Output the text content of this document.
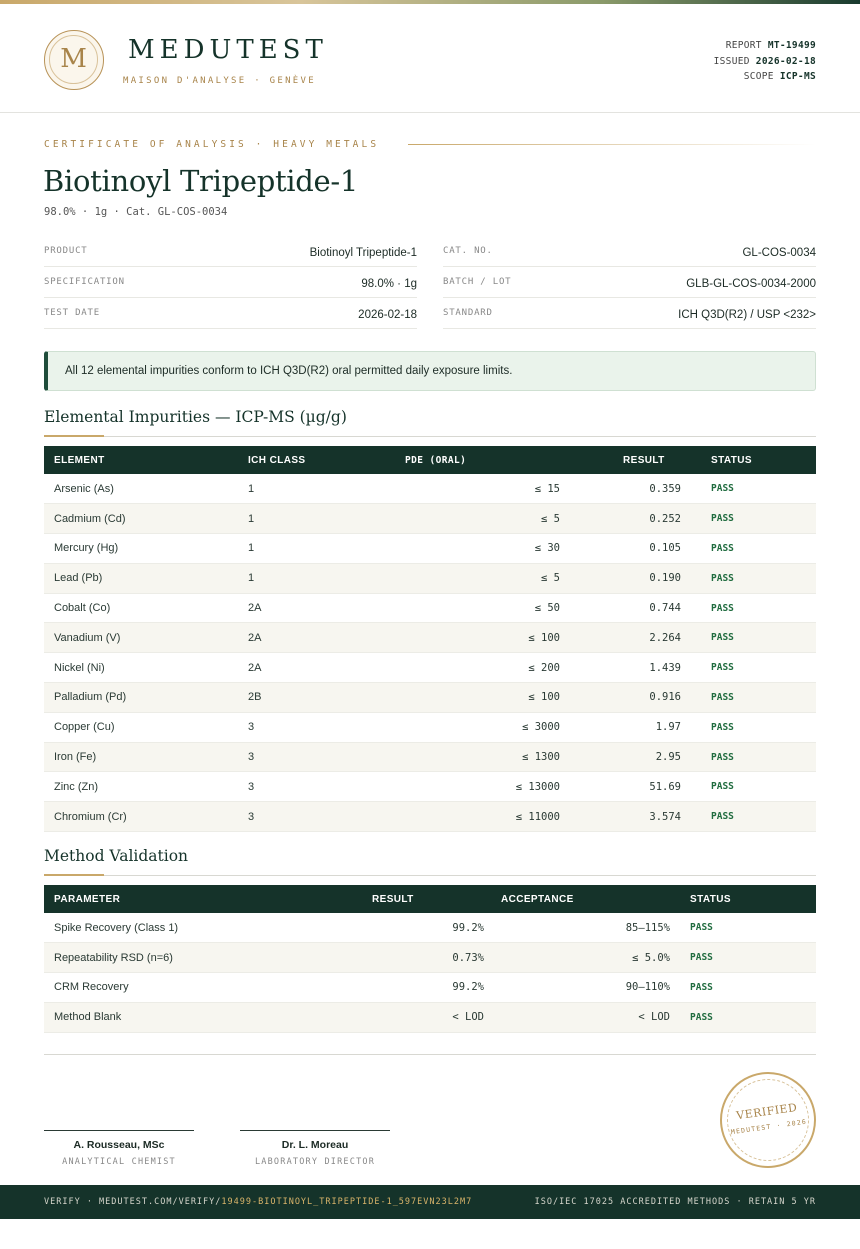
M	MEDUTEST
MAISON D'ANALYSE · GENÈVE
REPORT MT-19499
ISSUED 2026-02-18
SCOPE ICP-MS
CERTIFICATE OF ANALYSIS · HEAVY METALS
Biotinoyl Tripeptide-1
98.0% · 1g · Cat. GL-COS-0034
PRODUCT	Biotinoyl Tripeptide-1
SPECIFICATION	98.0% · 1g
TEST DATE	2026-02-18
CAT. NO.	GL-COS-0034
BATCH / LOT	GLB-GL-COS-0034-2000
STANDARD	ICH Q3D(R2) / USP <232>
All 12 elemental impurities conform to ICH Q3D(R2) oral permitted daily exposure limits.
Elemental Impurities — ICP-MS (µg/g)
ELEMENT	ICH CLASS	PDE (ORAL)	RESULT	STATUS
Arsenic (As)	1	≤ 15	0.359	PASS
Cadmium (Cd)	1	≤ 5	0.252	PASS
Mercury (Hg)	1	≤ 30	0.105	PASS
Lead (Pb)	1	≤ 5	0.190	PASS
Cobalt (Co)	2A	≤ 50	0.744	PASS
Vanadium (V)	2A	≤ 100	2.264	PASS
Nickel (Ni)	2A	≤ 200	1.439	PASS
Palladium (Pd)	2B	≤ 100	0.916	PASS
Copper (Cu)	3	≤ 3000	1.97	PASS
Iron (Fe)	3	≤ 1300	2.95	PASS
Zinc (Zn)	3	≤ 13000	51.69	PASS
Chromium (Cr)	3	≤ 11000	3.574	PASS
Method Validation
PARAMETER	RESULT	ACCEPTANCE	STATUS
Spike Recovery (Class 1)	99.2%	85–115%	PASS
Repeatability RSD (n=6)	0.73%	≤ 5.0%	PASS
CRM Recovery	99.2%	90–110%	PASS
Method Blank	< LOD	< LOD	PASS
A. Rousseau, MSc
ANALYTICAL CHEMIST
Dr. L. Moreau
LABORATORY DIRECTOR
VERIFIED
MEDUTEST · 2026
VERIFY · MEDUTEST.COM/VERIFY/19499-BIOTINOYL_TRIPEPTIDE-1_597EVN23L2M7	ISO/IEC 17025 ACCREDITED METHODS · RETAIN 5 YR
